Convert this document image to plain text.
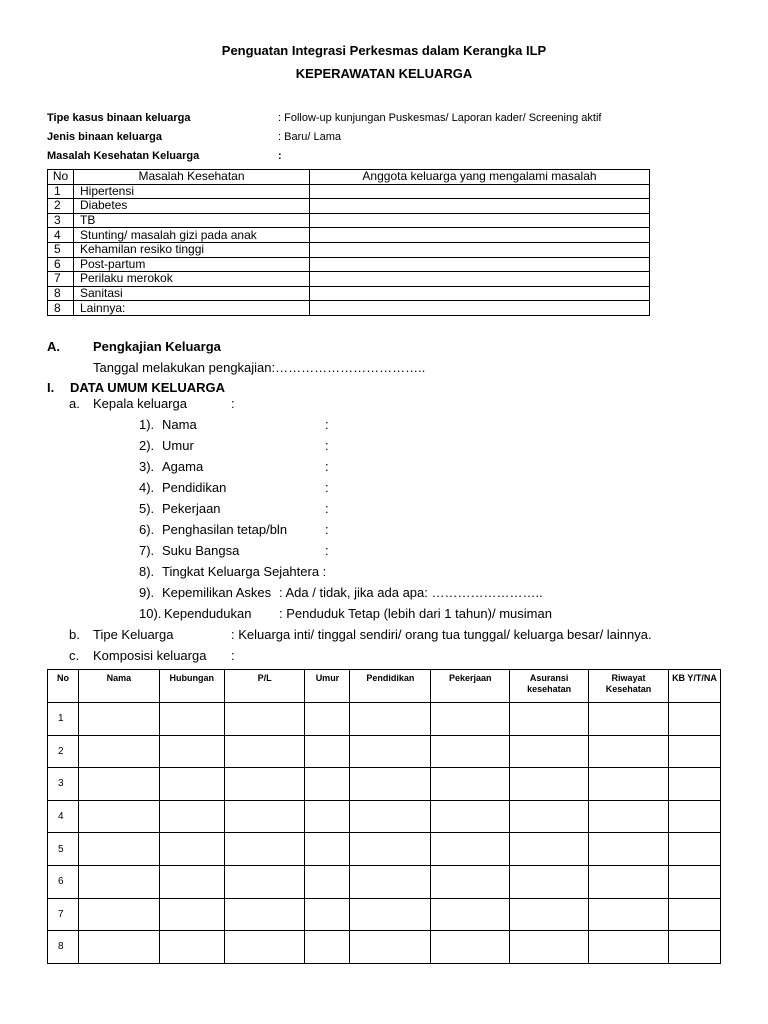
Penguatan Integrasi Perkesmas dalam Kerangka ILP
KEPERAWATAN KELUARGA
Tipe kasus binaan keluarga	: Follow-up kunjungan Puskesmas/ Laporan kader/ Screening aktif
Jenis binaan keluarga	: Baru/ Lama
Masalah Kesehatan Keluarga	:
No	Masalah Kesehatan	Anggota keluarga yang mengalami masalah
1	Hipertensi	
2	Diabetes	
3	TB	
4	Stunting/ masalah gizi pada anak	
5	Kehamilan resiko tinggi	
6	Post-partum	
7	Perilaku merokok	
8	Sanitasi	
8	Lainnya:	
A.	Pengkajian Keluarga
Tanggal melakukan pengkajian:……………………………..
I. DATA UMUM KELUARGA
a. Kepala keluarga	:
1). Nama	:
2). Umur	:
3). Agama	:
4). Pendidikan	:
5). Pekerjaan	:
6). Penghasilan tetap/bln	:
7). Suku Bangsa	:
8). Tingkat Keluarga Sejahtera :
9). Kepemilikan Askes : Ada / tidak, jika ada apa: ……………………..
10). Kependudukan : Penduduk Tetap (lebih dari 1 tahun)/ musiman
b. Tipe Keluarga	: Keluarga inti/ tinggal sendiri/ orang tua tunggal/ keluarga besar/ lainnya.
c. Komposisi keluarga :
No	Nama	Hubungan	P/L	Umur	Pendidikan	Pekerjaan	Asuransi kesehatan	Riwayat Kesehatan	KB Y/T/NA
1									
2									
3									
4									
5									
6									
7									
8									
